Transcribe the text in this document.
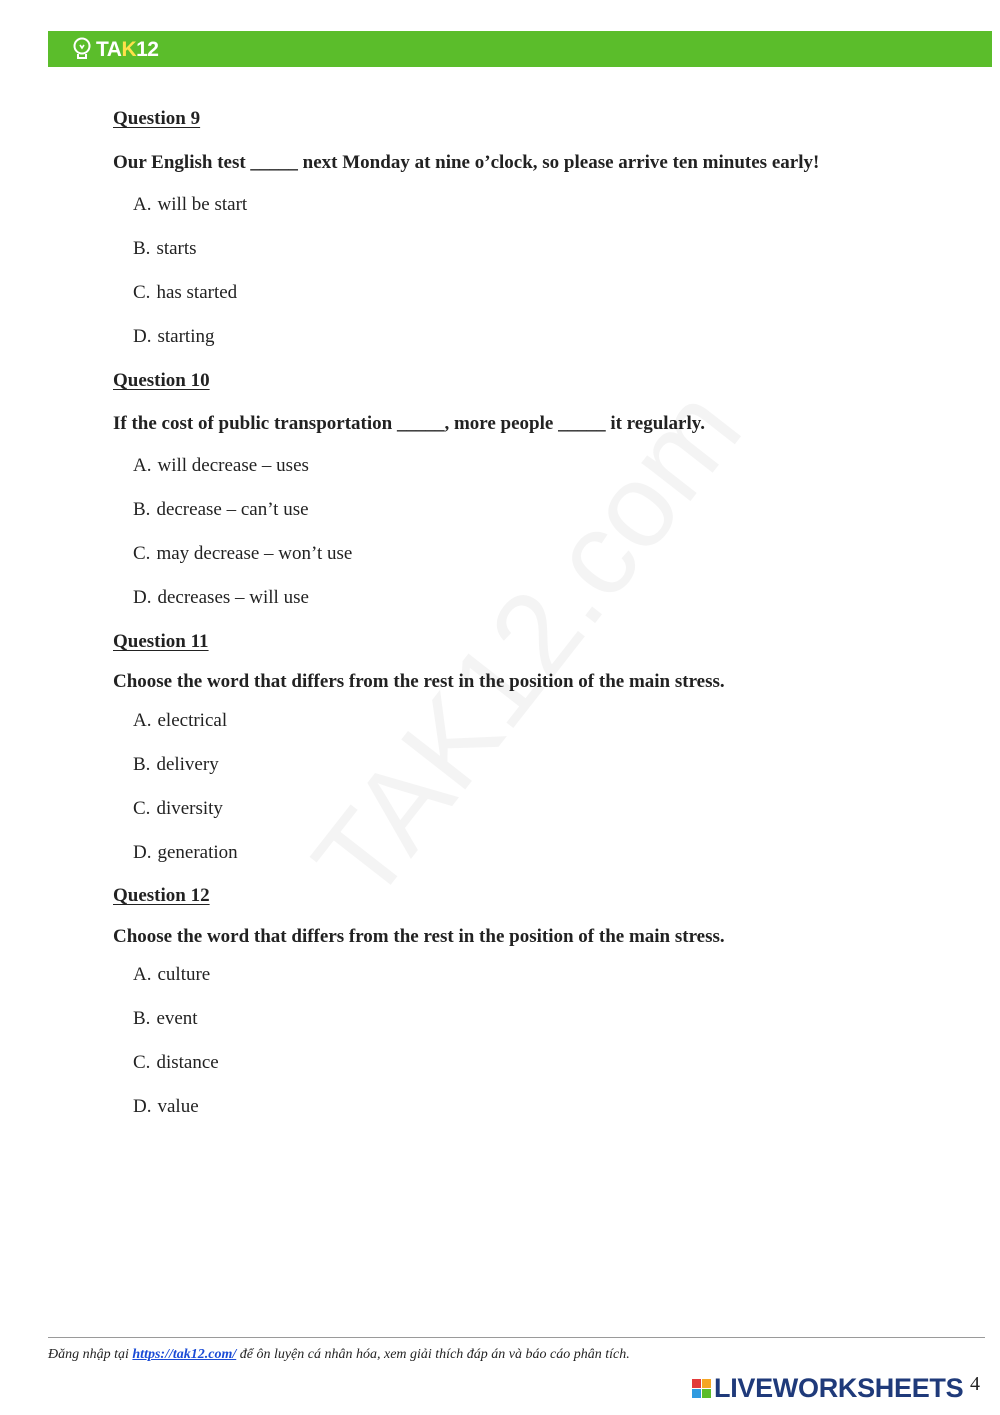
TAK12
Question 9
Our English test _____ next Monday at nine o’clock, so please arrive ten minutes early!
A. will be start
B. starts
C. has started
D. starting
Question 10
If the cost of public transportation _____, more people _____ it regularly.
A. will decrease – uses
B. decrease – can’t use
C. may decrease – won’t use
D. decreases – will use
Question 11
Choose the word that differs from the rest in the position of the main stress.
A. electrical
B. delivery
C. diversity
D. generation
Question 12
Choose the word that differs from the rest in the position of the main stress.
A. culture
B. event
C. distance
D. value
Đăng nhập tại https://tak12.com/ để ôn luyện cá nhân hóa, xem giải thích đáp án và báo cáo phân tích.
LIVEWORKSHEETS 4
